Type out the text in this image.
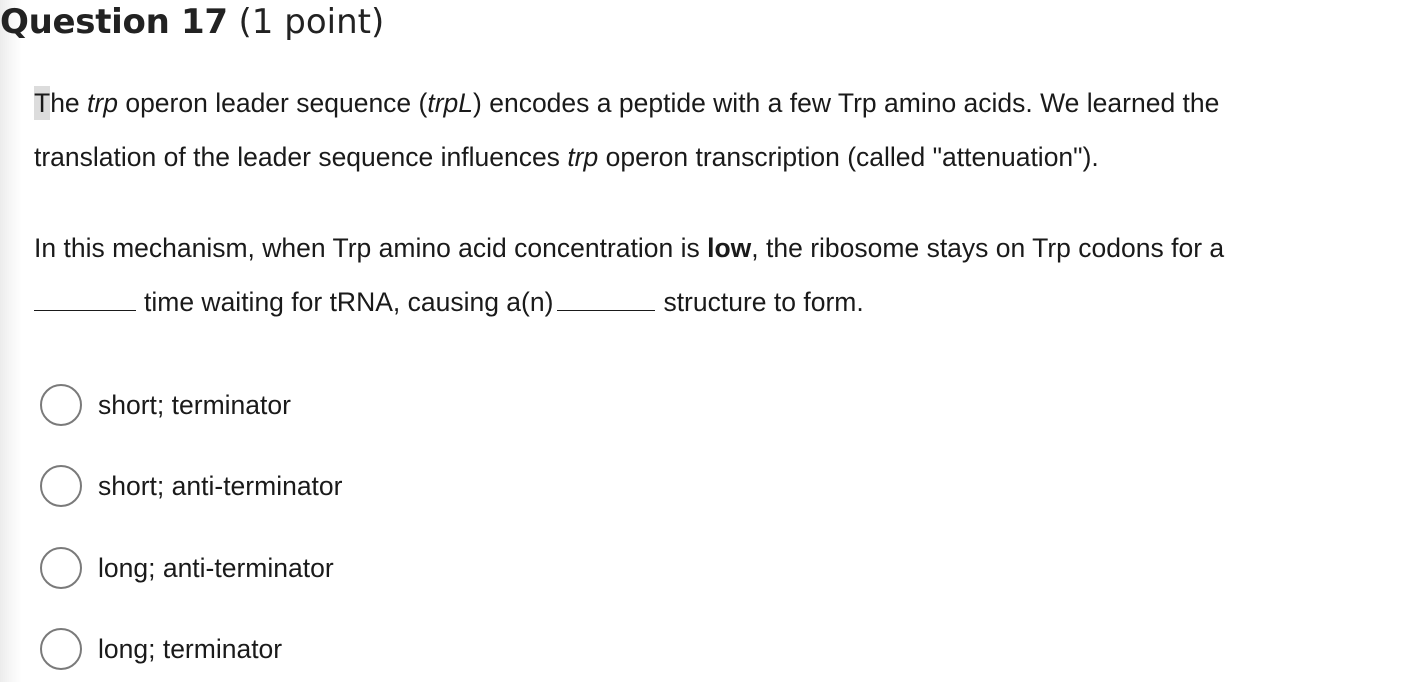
Question 17 (1 point)
The trp operon leader sequence (trpL) encodes a peptide with a few Trp amino acids. We learned the
translation of the leader sequence influences trp operon transcription (called "attenuation").
In this mechanism, when Trp amino acid concentration is low, the ribosome stays on Trp codons for a
time waiting for tRNA, causing a(n)	structure to form.
short; terminator
short; anti-terminator
long; anti-terminator
long; terminator
